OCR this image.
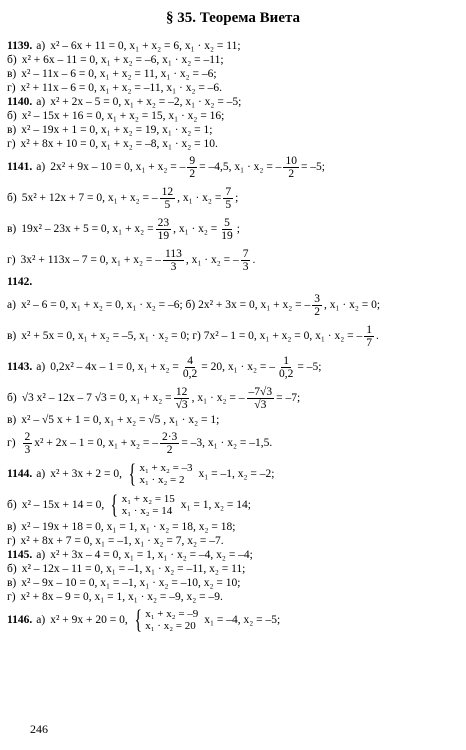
§ 35. Теорема Виета
1139. а) x² – 6x + 11 = 0, x₁ + x₂ = 6, x₁ · x₂ = 11;
б) x² + 6x – 11 = 0, x₁ + x₂ = –6, x₁ · x₂ = –11;
в) x² – 11x – 6 = 0, x₁ + x₂ = 11, x₁ · x₂ = –6;
г) x² + 11x – 6 = 0, x₁ + x₂ = –11, x₁ · x₂ = –6.
1140. а) x² + 2x – 5 = 0, x₁ + x₂ = –2, x₁ · x₂ = –5;
б) x² – 15x + 16 = 0, x₁ + x₂ = 15, x₁ · x₂ = 16;
в) x² – 19x + 1 = 0, x₁ + x₂ = 19, x₁ · x₂ = 1;
г) x² + 8x + 10 = 0, x₁ + x₂ = –8, x₁ · x₂ = 10.
1141. а) 2x² + 9x – 10 = 0, x₁ + x₂ = – $\frac{9}{2} = -4,5$, x₁ · x₂ = – $\frac{10}{2} = -5$;
б) 5x² + 12x + 7 = 0, x₁ + x₂ = – $\frac{12}{5}$ , $x_1 \cdot x_2 = \frac{7}{5}$ ;
в) 19x² – 23x + 5 = 0, $x_1 + x_2 = \frac{23}{19}$ , $x_1 \cdot x_2 = \frac{5}{19}$ ;
г) 3x² + 113x – 7 = 0, x₁ + x₂ = – $\frac{113}{3}$ , x₁ · x₂ = – $\frac{7}{3}$ .
1142.
а) x² – 6 = 0, x₁ + x₂ = 0, x₁ · x₂ = –6; б) 2x² + 3x = 0, x₁ + x₂ = – $\frac{3}{2}$ , x₁ · x₂ = 0;
в) x² + 5x = 0, x₁ + x₂ = –5, x₁ · x₂ = 0; г) 7x² – 1 = 0, x₁ + x₂ = 0, x₁ · x₂ = – $\frac{1}{7}$ .
1143. а) 0,2x² – 4x – 1 = 0, $x_1 + x_2 = \frac{4}{0,2} = 20$, x₁ · x₂ = – $\frac{1}{0,2} = -5$;
б) √3 x² – 12x – 7 √3 = 0, $x_1 + x_2 = \frac{12}{√3}$ , x₁ · x₂ = – $\frac{-7√3}{√3} = -7$;
в) x² – √5 x + 1 = 0, x₁ + x₂ = √5 , x₁ · x₂ = 1;
$г) \frac{2}{3} x^2 + 2x - 1 = 0$, x₁ + x₂ = – $\frac{2\cdot 3}{2} = -3$, x₁ · x₂ = –1,5.
1144. а) x² + 3x + 2 = 0, { x₁ + x₂ = –3
x₁ · x₂ = 2
x₁ = –1, x₂ = –2;
б) x² – 15x + 14 = 0, { x₁ + x₂ = 15
x₁ · x₂ = 14
x₁ = 1, x₂ = 14;
в) x² – 19x + 18 = 0, x₁ = 1, x₁ · x₂ = 18, x₂ = 18;
г) x² + 8x + 7 = 0, x₁ = –1, x₁ · x₂ = 7, x₂ = –7.
1145. а) x² + 3x – 4 = 0, x₁ = 1, x₁ · x₂ = –4, x₂ = –4;
б) x² – 12x – 11 = 0, x₁ = –1, x₁ · x₂ = –11, x₂ = 11;
в) x² – 9x – 10 = 0, x₁ = –1, x₁ · x₂ = –10, x₂ = 10;
г) x² + 8x – 9 = 0, x₁ = 1, x₁ · x₂ = –9, x₂ = –9.
1146. а) x² + 9x + 20 = 0, { x₁ + x₂ = –9
x₁ · x₂ = 20
x₁ = –4, x₂ = –5;
246
